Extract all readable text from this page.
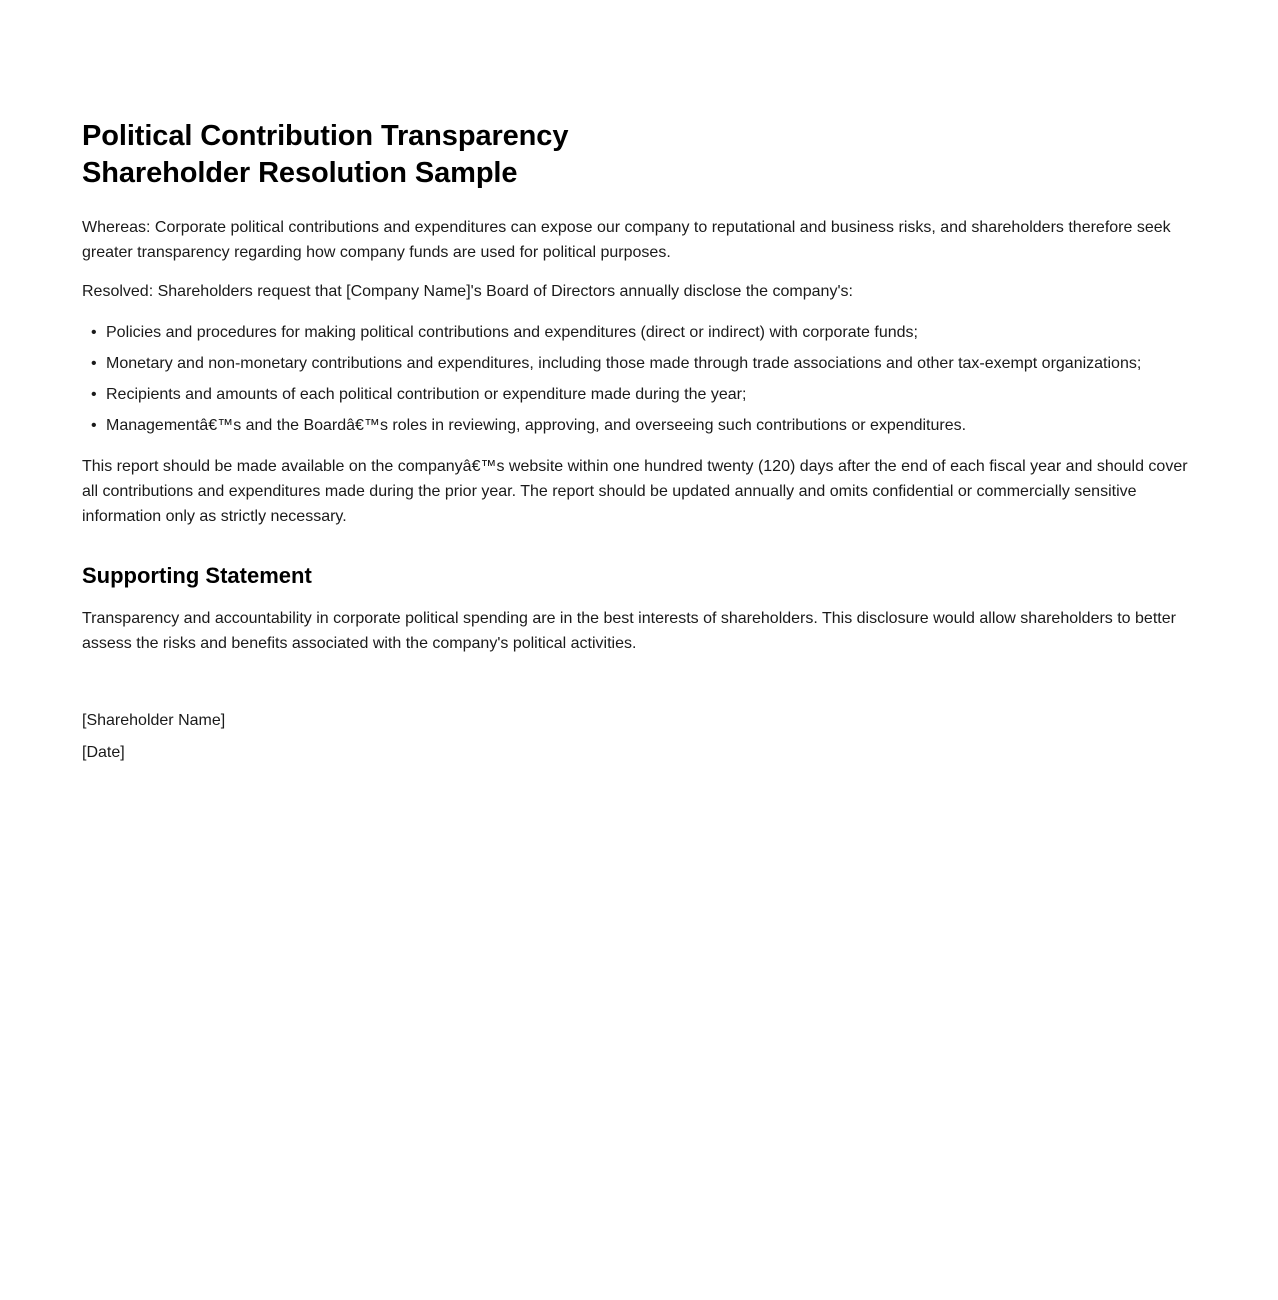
Political Contribution Transparency
Shareholder Resolution Sample

Whereas: Corporate political contributions and expenditures can expose our company to reputational and business risks, and shareholders therefore seek greater transparency regarding how company funds are used for political purposes.

Resolved: Shareholders request that [Company Name]'s Board of Directors annually disclose the company's:

• Policies and procedures for making political contributions and expenditures (direct or indirect) with corporate funds;
• Monetary and non-monetary contributions and expenditures, including those made through trade associations and other tax-exempt organizations;
• Recipients and amounts of each political contribution or expenditure made during the year;
• Managementâ€™s and the Boardâ€™s roles in reviewing, approving, and overseeing such contributions or expenditures.

This report should be made available on the companyâ€™s website within one hundred twenty (120) days after the end of each fiscal year and should cover all contributions and expenditures made during the prior year. The report should be updated annually and omits confidential or commercially sensitive information only as strictly necessary.

Supporting Statement

Transparency and accountability in corporate political spending are in the best interests of shareholders. This disclosure would allow shareholders to better assess the risks and benefits associated with the company's political activities.

[Shareholder Name]

[Date]
